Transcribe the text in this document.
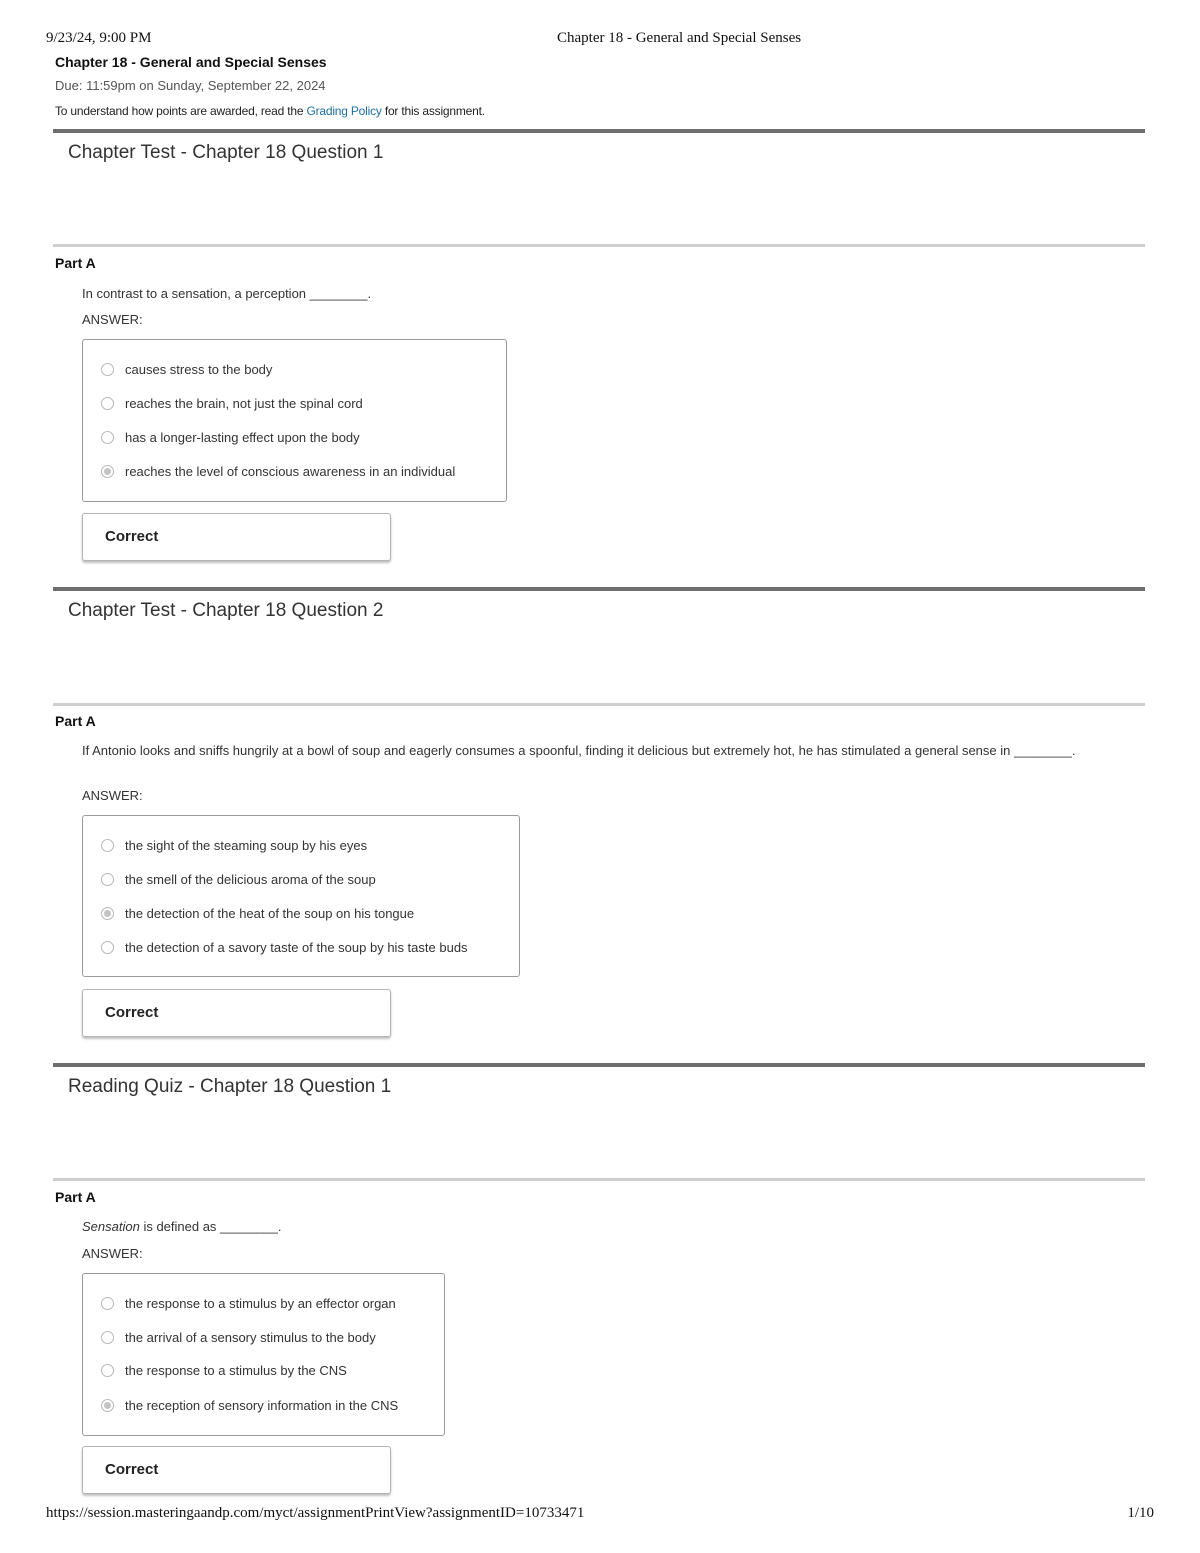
9/23/24, 9:00 PM	Chapter 18 - General and Special Senses
Chapter 18 - General and Special Senses
Due: 11:59pm on Sunday, September 22, 2024
To understand how points are awarded, read the Grading Policy for this assignment.
Chapter Test - Chapter 18 Question 1
Part A
In contrast to a sensation, a perception ________.
ANSWER:
causes stress to the body
reaches the brain, not just the spinal cord
has a longer-lasting effect upon the body
reaches the level of conscious awareness in an individual
Correct
Chapter Test - Chapter 18 Question 2
Part A
If Antonio looks and sniffs hungrily at a bowl of soup and eagerly consumes a spoonful, finding it delicious but extremely hot, he has stimulated a general sense in ________.
ANSWER:
the sight of the steaming soup by his eyes
the smell of the delicious aroma of the soup
the detection of the heat of the soup on his tongue
the detection of a savory taste of the soup by his taste buds
Correct
Reading Quiz - Chapter 18 Question 1
Part A
Sensation is defined as ________.
ANSWER:
the response to a stimulus by an effector organ
the arrival of a sensory stimulus to the body
the response to a stimulus by the CNS
the reception of sensory information in the CNS
Correct
https://session.masteringaandp.com/myct/assignmentPrintView?assignmentID=10733471	1/10
